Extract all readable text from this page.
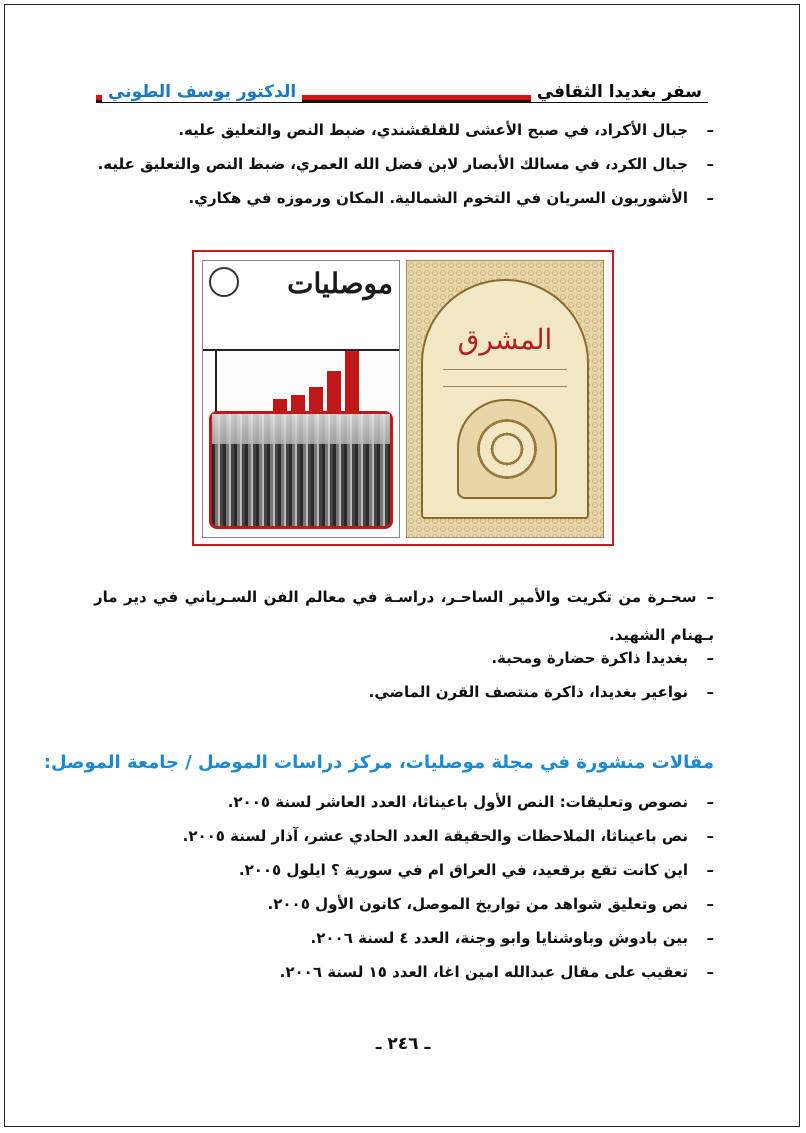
سفر بغديدا الثقافي
الدكتور يوسف الطوني
–
جبال الأكراد، في صبح الأعشى للقلقشندي، ضبط النص والتعليق عليه.
–
جبال الكرد، في مسالك الأبصار لابن فضل الله العمري، ضبط النص والتعليق عليه.
–
الأشوريون السريان في التخوم الشمالية. المكان ورموزه في هكاري.
موصليات
المشرق
–سحـرة من تكريت والأمير الساحـر، دراسـة في معالم الفن السـرياني في دير مار بـهنام الشهيد.
–
بغديدا ذاكرة حضارة ومحبة.
–
نواعير بغديدا، ذاكرة منتصف القرن الماضي.
مقالات منشورة في مجلة موصليات، مركز دراسات الموصل / جامعة الموصل:
–
نصوص وتعليقات: النص الأول باعيناثا، العدد العاشر لسنة ٢٠٠٥.
–
نص باعيناثا، الملاحظات والحقيقة العدد الحادي عشر، آذار لسنة ٢٠٠٥.
–
اين كانت تقع برقعيد، في العراق ام في سورية ؟ ايلول ٢٠٠٥.
–
نص وتعليق شواهد من تواريخ الموصل، كانون الأول ٢٠٠٥.
–
بين بادوش وباوشنايا وابو وجنة، العدد ٤ لسنة ٢٠٠٦.
–
تعقيب على مقال عبدالله امين اغا، العدد ١٥ لسنة ٢٠٠٦.
ـ ٢٤٦ ـ
